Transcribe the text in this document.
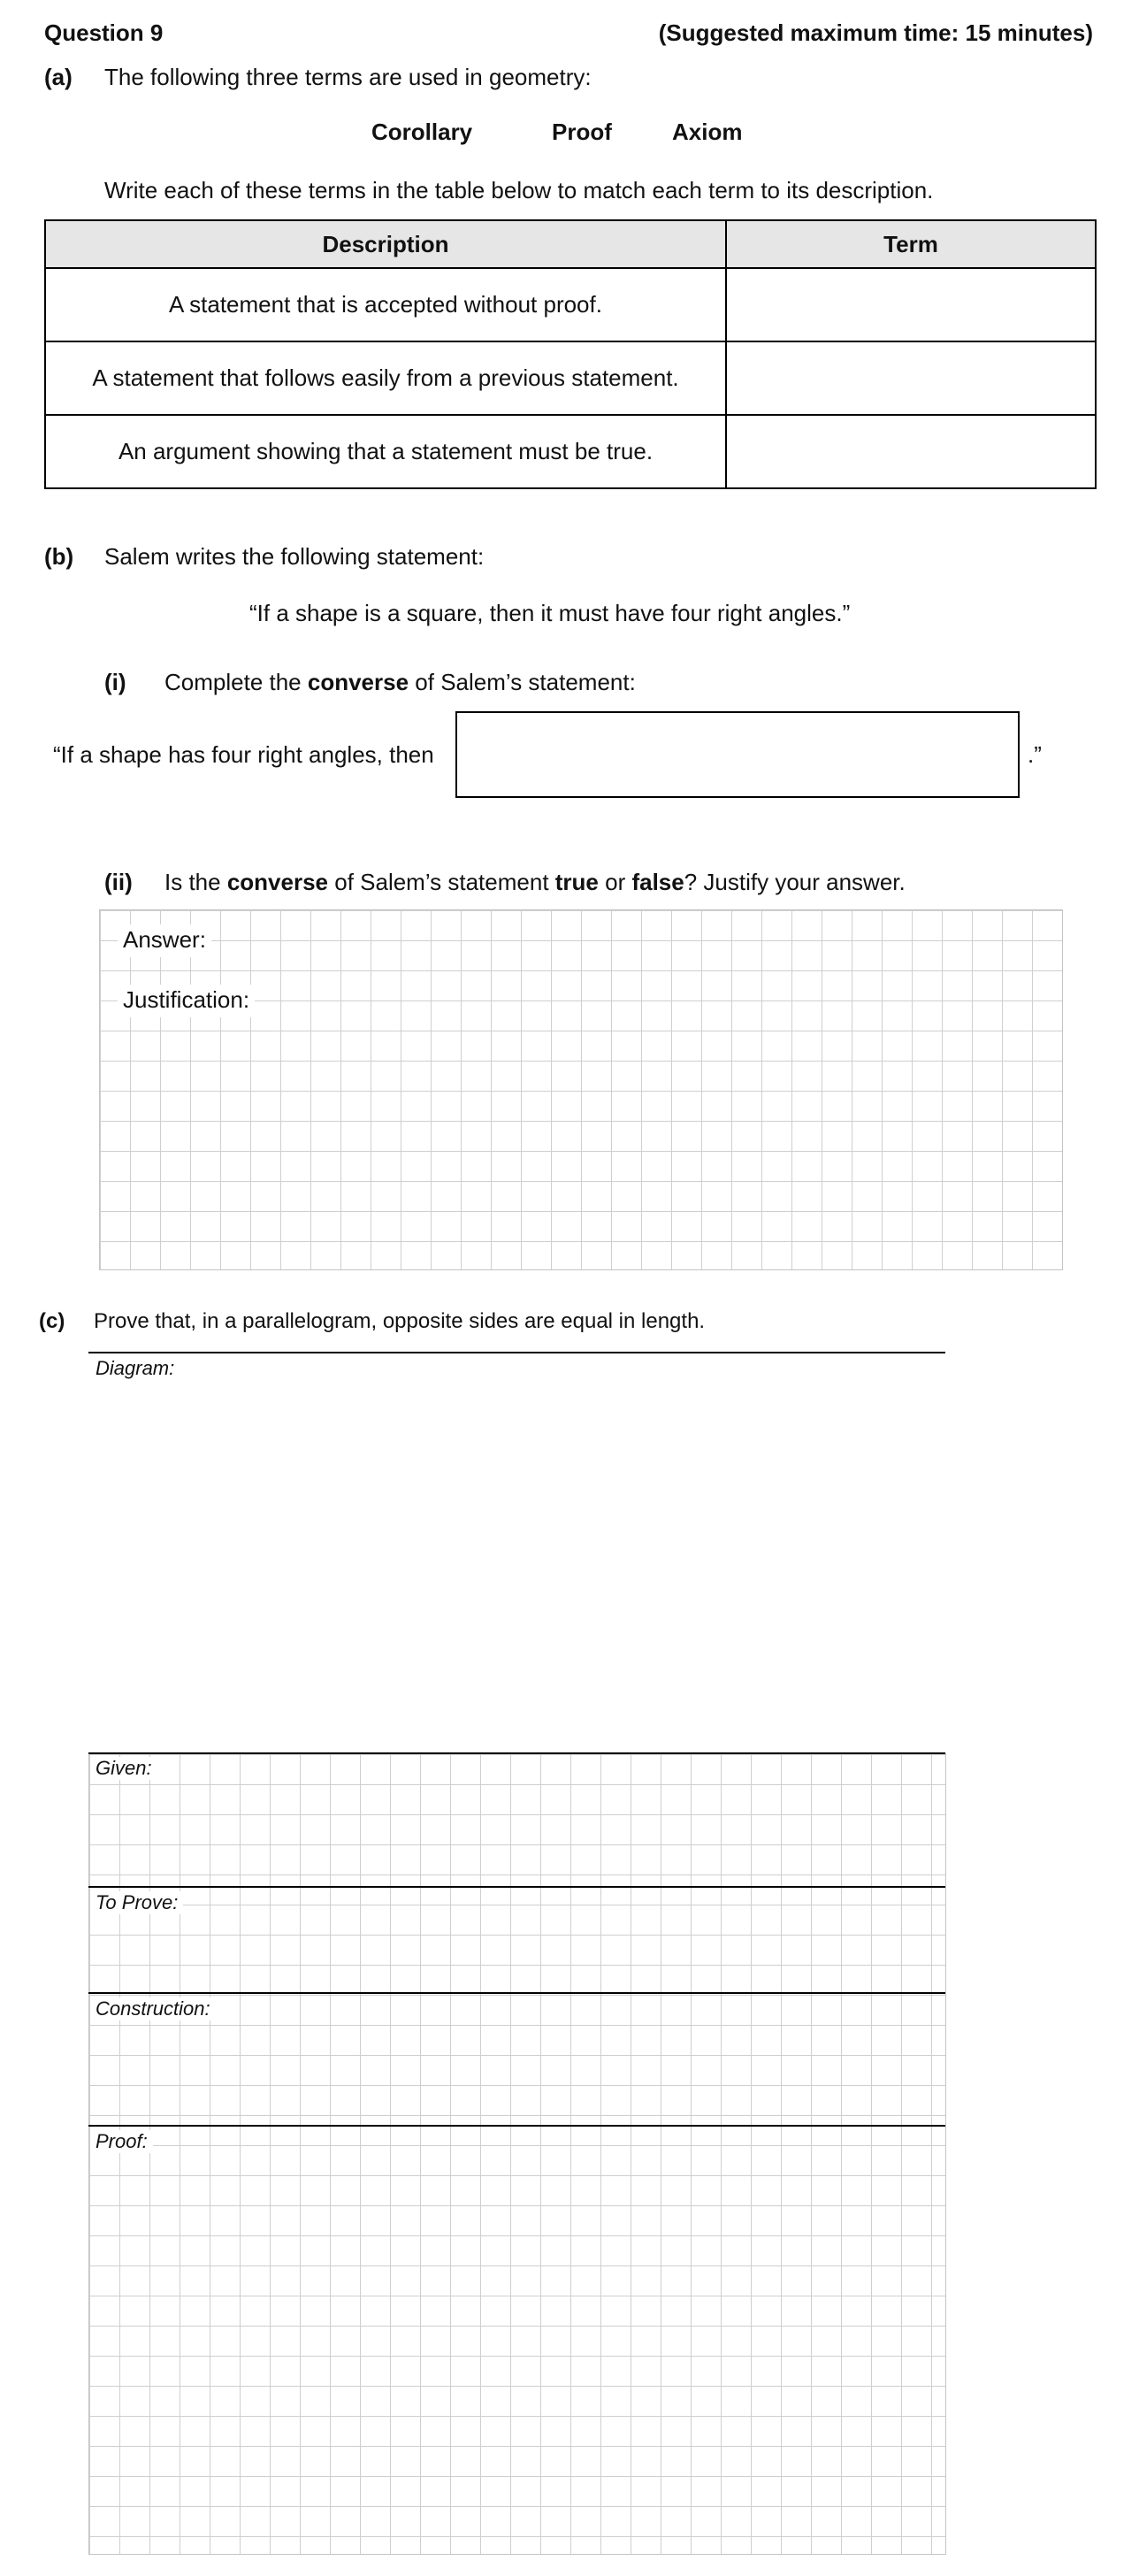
Question 9	(Suggested maximum time: 15 minutes)
(a) The following three terms are used in geometry:
Corollary	Proof	Axiom
Write each of these terms in the table below to match each term to its description.
Description	Term
A statement that is accepted without proof.	
A statement that follows easily from a previous statement.	
An argument showing that a statement must be true.	
(b) Salem writes the following statement:
“If a shape is a square, then it must have four right angles.”
(i) Complete the converse of Salem’s statement:
“If a shape has four right angles, then	.”
(ii) Is the converse of Salem’s statement true or false? Justify your answer.
Answer:
Justification:
(c) Prove that, in a parallelogram, opposite sides are equal in length.
Diagram:
Given:
To Prove:
Construction:
Proof:
